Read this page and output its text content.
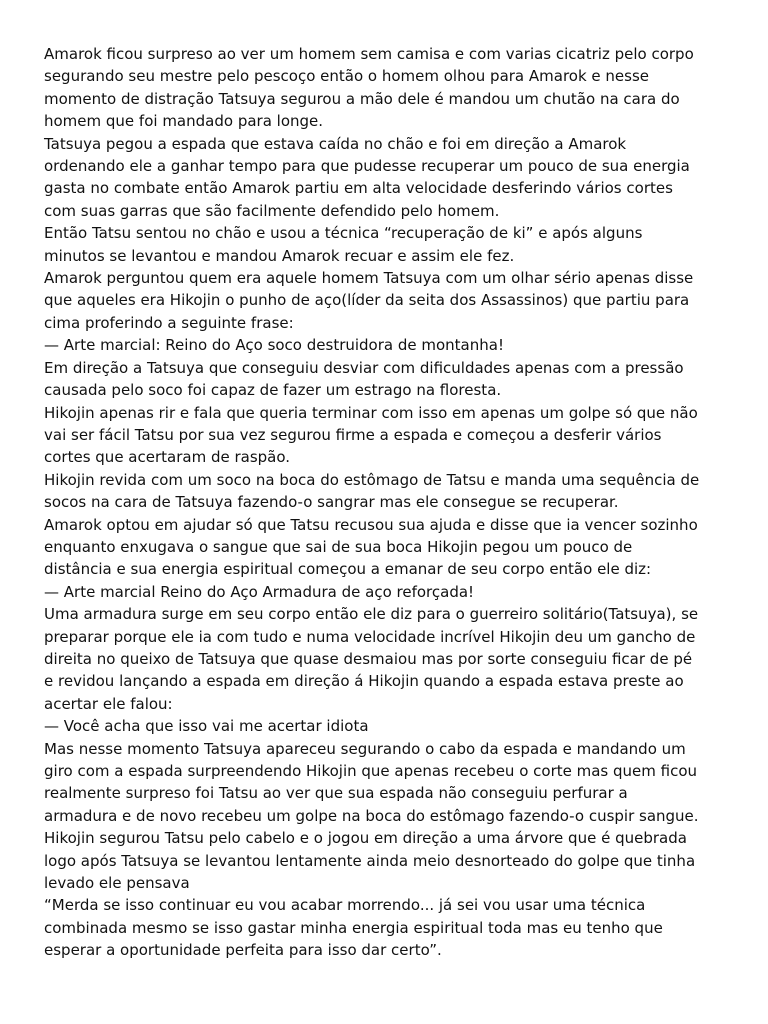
Amarok ficou surpreso ao ver um homem sem camisa e com varias cicatriz pelo corpo
segurando seu mestre pelo pescoço então o homem olhou para Amarok e nesse
momento de distração Tatsuya segurou a mão dele é mandou um chutão na cara do
homem que foi mandado para longe.
Tatsuya pegou a espada que estava caída no chão e foi em direção a Amarok
ordenando ele a ganhar tempo para que pudesse recuperar um pouco de sua energia
gasta no combate então Amarok partiu em alta velocidade desferindo vários cortes
com suas garras que são facilmente defendido pelo homem.
Então Tatsu sentou no chão e usou a técnica “recuperação de ki” e após alguns
minutos se levantou e mandou Amarok recuar e assim ele fez.
Amarok perguntou quem era aquele homem Tatsuya com um olhar sério apenas disse
que aqueles era Hikojin o punho de aço(líder da seita dos Assassinos) que partiu para
cima proferindo a seguinte frase:
— Arte marcial: Reino do Aço soco destruidora de montanha!
Em direção a Tatsuya que conseguiu desviar com dificuldades apenas com a pressão
causada pelo soco foi capaz de fazer um estrago na floresta.
Hikojin apenas rir e fala que queria terminar com isso em apenas um golpe só que não
vai ser fácil Tatsu por sua vez segurou firme a espada e começou a desferir vários
cortes que acertaram de raspão.
Hikojin revida com um soco na boca do estômago de Tatsu e manda uma sequência de
socos na cara de Tatsuya fazendo-o sangrar mas ele consegue se recuperar.
Amarok optou em ajudar só que Tatsu recusou sua ajuda e disse que ia vencer sozinho
enquanto enxugava o sangue que sai de sua boca Hikojin pegou um pouco de
distância e sua energia espiritual começou a emanar de seu corpo então ele diz:
— Arte marcial Reino do Aço Armadura de aço reforçada!
Uma armadura surge em seu corpo então ele diz para o guerreiro solitário(Tatsuya), se
preparar porque ele ia com tudo e numa velocidade incrível Hikojin deu um gancho de
direita no queixo de Tatsuya que quase desmaiou mas por sorte conseguiu ficar de pé
e revidou lançando a espada em direção á Hikojin quando a espada estava preste ao
acertar ele falou:
— Você acha que isso vai me acertar idiota
Mas nesse momento Tatsuya apareceu segurando o cabo da espada e mandando um
giro com a espada surpreendendo Hikojin que apenas recebeu o corte mas quem ficou
realmente surpreso foi Tatsu ao ver que sua espada não conseguiu perfurar a
armadura e de novo recebeu um golpe na boca do estômago fazendo-o cuspir sangue.
Hikojin segurou Tatsu pelo cabelo e o jogou em direção a uma árvore que é quebrada
logo após Tatsuya se levantou lentamente ainda meio desnorteado do golpe que tinha
levado ele pensava
“Merda se isso continuar eu vou acabar morrendo... já sei vou usar uma técnica
combinada mesmo se isso gastar minha energia espiritual toda mas eu tenho que
esperar a oportunidade perfeita para isso dar certo”.
